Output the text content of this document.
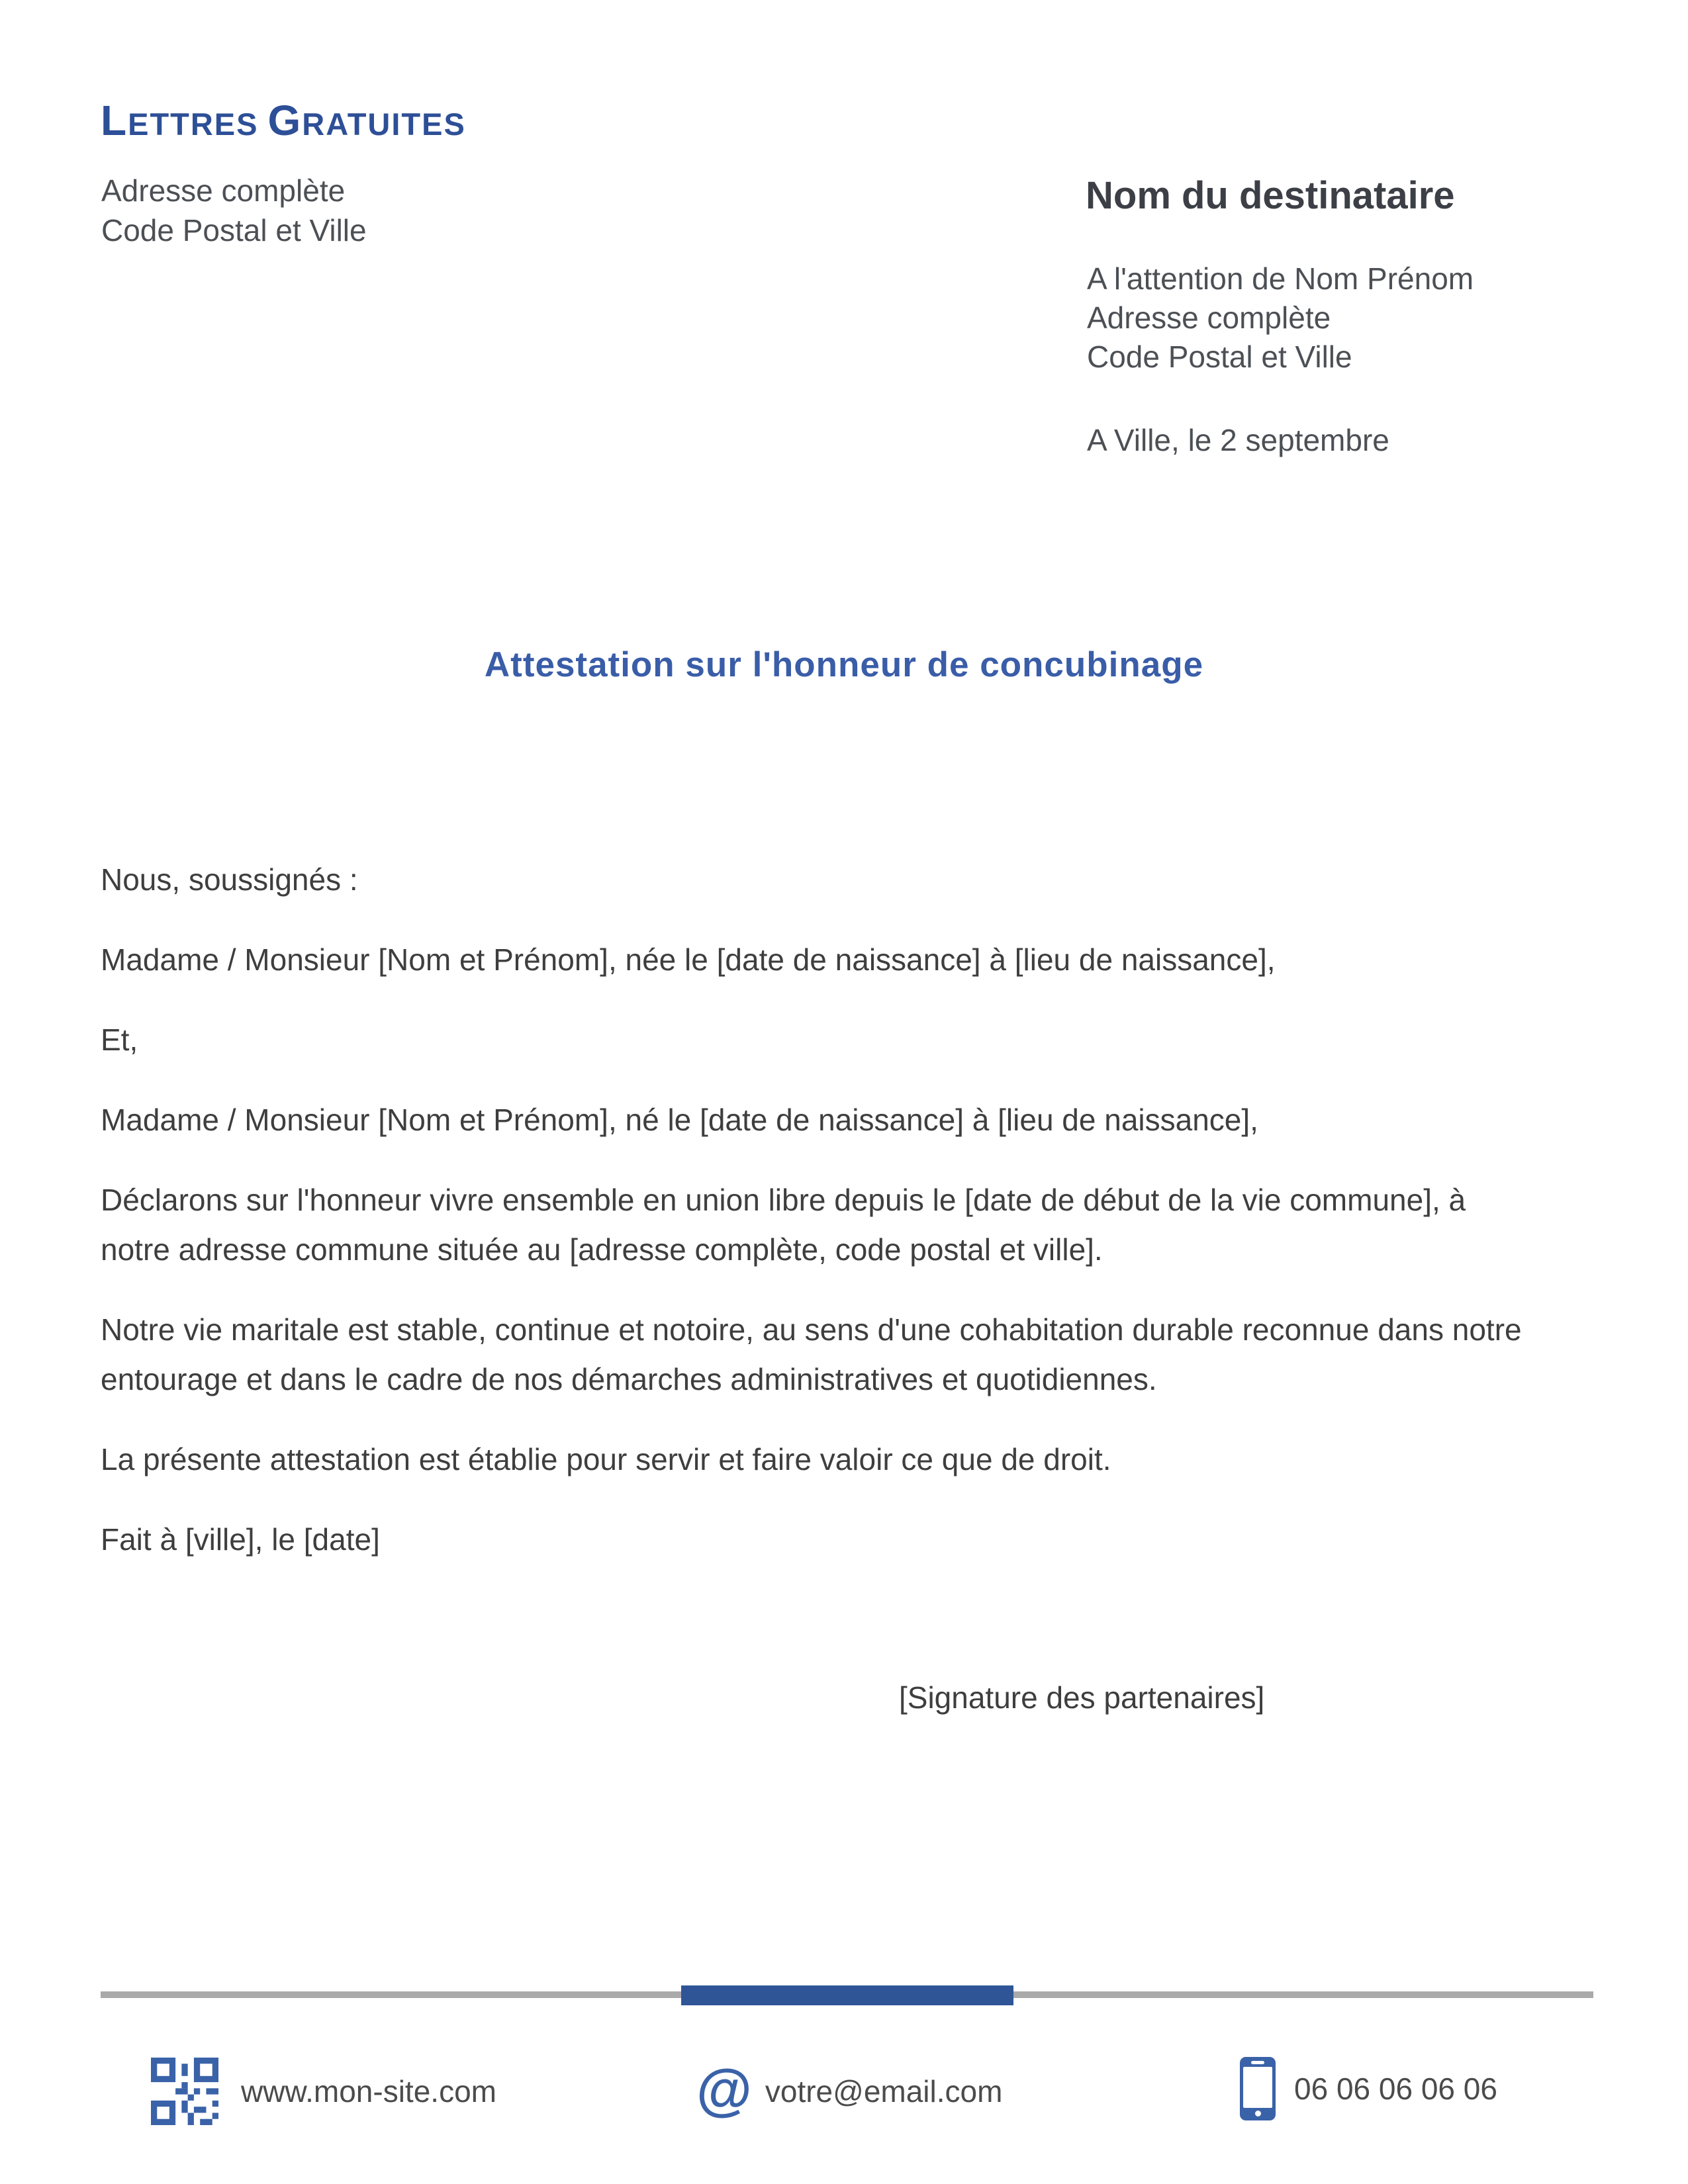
LETTRES GRATUITES
Adresse complète
Code Postal et Ville
Nom du destinataire
A l'attention de Nom Prénom
Adresse complète
Code Postal et Ville
A Ville, le 2 septembre
Attestation sur l'honneur de concubinage
Nous, soussignés :
Madame / Monsieur [Nom et Prénom], née le [date de naissance] à [lieu de naissance],
Et,
Madame / Monsieur [Nom et Prénom], né le [date de naissance] à [lieu de naissance],
Déclarons sur l'honneur vivre ensemble en union libre depuis le [date de début de la vie commune], à
notre adresse commune située au [adresse complète, code postal et ville].
Notre vie maritale est stable, continue et notoire, au sens d'une cohabitation durable reconnue dans notre
entourage et dans le cadre de nos démarches administratives et quotidiennes.
La présente attestation est établie pour servir et faire valoir ce que de droit.
Fait à [ville], le [date]
[Signature des partenaires]
www.mon-site.com	@ votre@email.com	06 06 06 06 06
